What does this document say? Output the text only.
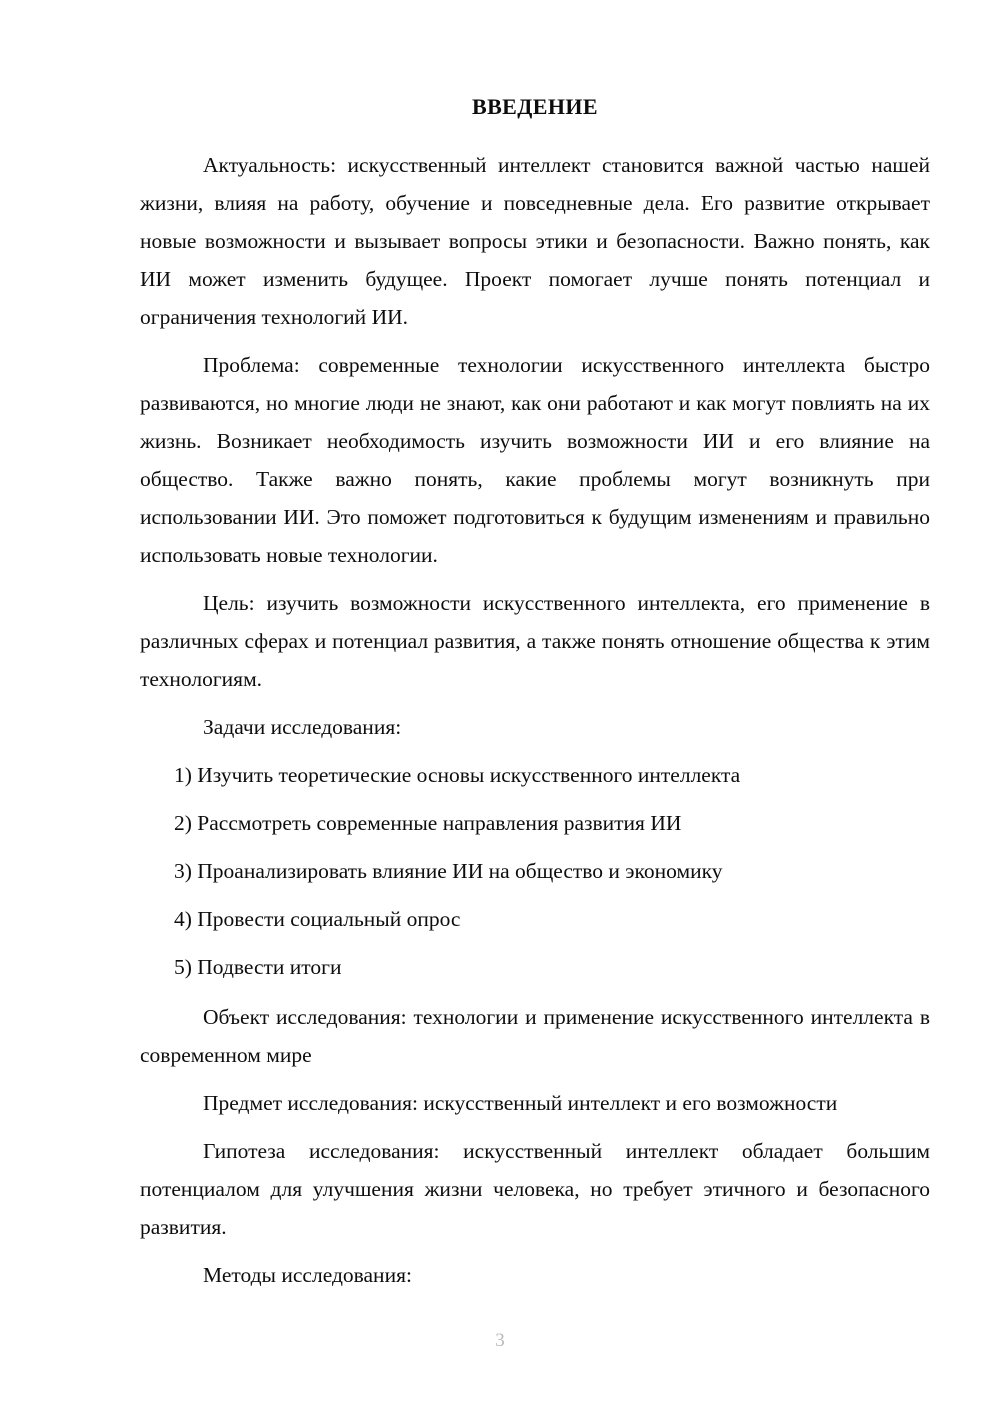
ВВЕДЕНИЕ

Актуальность: искусственный интеллект становится важной частью нашей жизни, влияя на работу, обучение и повседневные дела. Его развитие открывает новые возможности и вызывает вопросы этики и безопасности. Важно понять, как ИИ может изменить будущее. Проект помогает лучше понять потенциал и ограничения технологий ИИ.

Проблема: современные технологии искусственного интеллекта быстро развиваются, но многие люди не знают, как они работают и как могут повлиять на их жизнь. Возникает необходимость изучить возможности ИИ и его влияние на общество. Также важно понять, какие проблемы могут возникнуть при использовании ИИ. Это поможет подготовиться к будущим изменениям и правильно использовать новые технологии.

Цель: изучить возможности искусственного интеллекта, его применение в различных сферах и потенциал развития, а также понять отношение общества к этим технологиям.

Задачи исследования:

1) Изучить теоретические основы искусственного интеллекта
2) Рассмотреть современные направления развития ИИ
3) Проанализировать влияние ИИ на общество и экономику
4) Провести социальный опрос
5) Подвести итоги

Объект исследования: технологии и применение искусственного интеллекта в современном мире

Предмет исследования: искусственный интеллект и его возможности

Гипотеза исследования: искусственный интеллект обладает большим потенциалом для улучшения жизни человека, но требует этичного и безопасного развития.

Методы исследования:

3
